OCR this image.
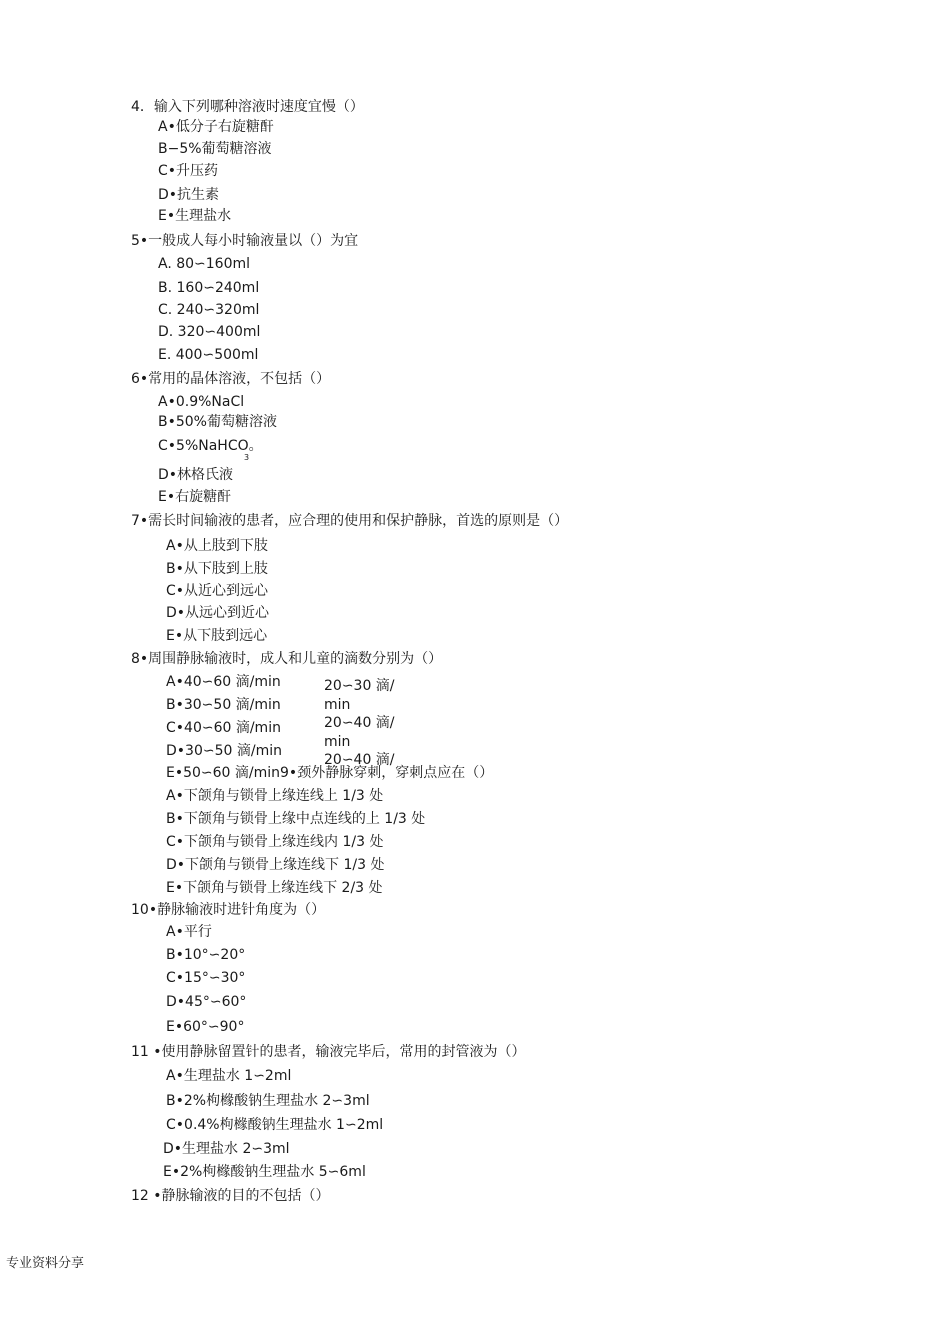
4．输入下列哪种溶液时速度宜慢（）
A•低分子右旋糖酐
B−5%葡萄糖溶液
C•升压药
D•抗生素
E•生理盐水
5•一般成人每小时输液量以（）为宜
A. 80∽160ml
B. 160∽240ml
C. 240∽320ml
D. 320∽400ml
E. 400∽500ml
6•常用的晶体溶液，不包括（）
A•0.9%NaCl
B•50%葡萄糖溶液
C•5%NaHCO。
3
D•林格氏液
E•右旋糖酐
7•需长时间输液的患者，应合理的使用和保护静脉，首选的原则是（）
A•从上肢到下肢
B•从下肢到上肢
C•从近心到远心
D•从远心到近心
E•从下肢到远心
8•周围静脉输液时，成人和儿童的滴数分别为（）
A•40∽60 滴/min
B•30∽50 滴/min
C•40∽60 滴/min
D•30∽50 滴/min
E•50∽60 滴/min9•颈外静脉穿刺，穿刺点应在（）
20∽30 滴/
min
20∽40 滴/
min
20∽40 滴/
A•下颌角与锁骨上缘连线上 1/3 处
B•下颌角与锁骨上缘中点连线的上 1/3 处
C•下颌角与锁骨上缘连线内 1/3 处
D•下颌角与锁骨上缘连线下 1/3 处
E•下颌角与锁骨上缘连线下 2/3 处
10•静脉输液时进针角度为（）
A•平行
B•10°∽20°
C•15°∽30°
D•45°∽60°
E•60°∽90°
11 •使用静脉留置针的患者，输液完毕后，常用的封管液为（）
A•生理盐水 1∽2ml
B•2%枸橼酸钠生理盐水 2∽3ml
C•0.4%枸橼酸钠生理盐水 1∽2ml
D•生理盐水 2∽3ml
E•2%枸橼酸钠生理盐水 5∽6ml
12 •静脉输液的目的不包括（）
专业资料分享
